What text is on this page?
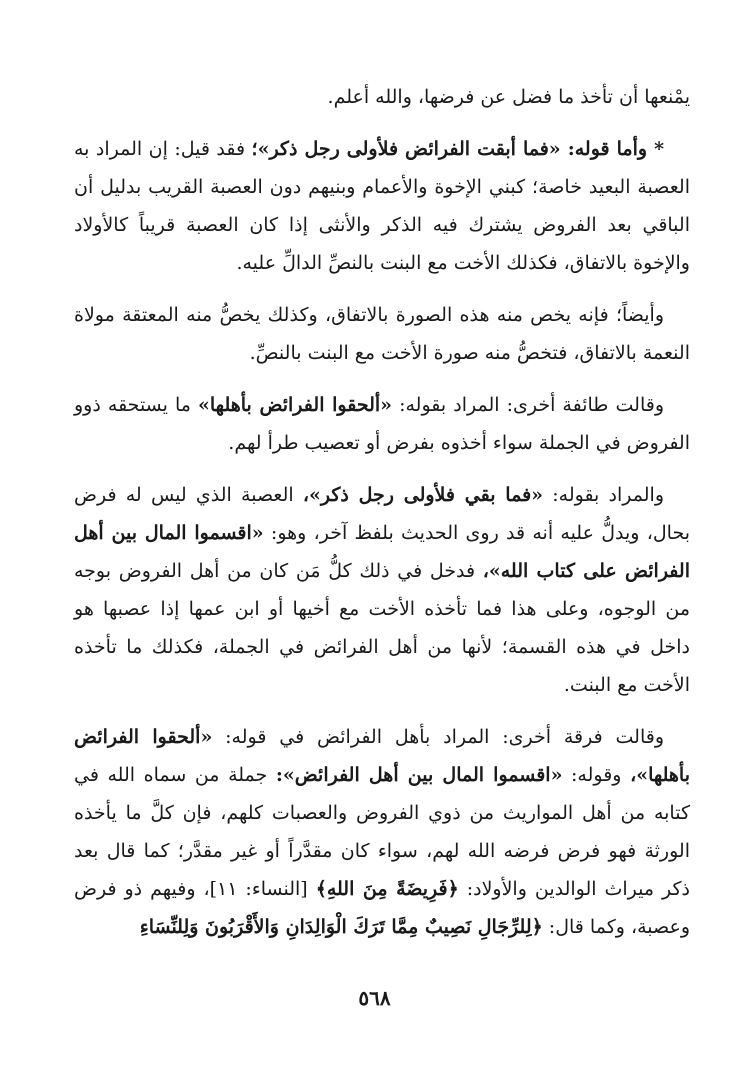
يمْنعها أن تأخذ ما فضل عن فرضها، والله أعلم.

* وأما قوله: «فما أبقت الفرائض فلأولى رجل ذكر»؛ فقد قيل: إن المراد به العصبة البعيد خاصة؛ كبني الإخوة والأعمام وبنيهم دون العصبة القريب بدليل أن الباقي بعد الفروض يشترك فيه الذكر والأنثى إذا كان العصبة قريباً كالأولاد والإخوة بالاتفاق، فكذلك الأخت مع البنت بالنصِّ الدالِّ عليه.

وأيضاً؛ فإنه يخص منه هذه الصورة بالاتفاق، وكذلك يخصُّ منه المعتقة مولاة النعمة بالاتفاق، فتخصُّ منه صورة الأخت مع البنت بالنصِّ.

وقالت طائفة أخرى: المراد بقوله: «ألحقوا الفرائض بأهلها» ما يستحقه ذوو الفروض في الجملة سواء أخذوه بفرض أو تعصيب طرأ لهم.

والمراد بقوله: «فما بقي فلأولى رجل ذكر»، العصبة الذي ليس له فرض بحال، ويدلُّ عليه أنه قد روى الحديث بلفظ آخر، وهو: «اقسموا المال بين أهل الفرائض على كتاب الله»، فدخل في ذلك كلُّ مَن كان من أهل الفروض بوجه من الوجوه، وعلى هذا فما تأخذه الأخت مع أخيها أو ابن عمها إذا عصبها هو داخل في هذه القسمة؛ لأنها من أهل الفرائض في الجملة، فكذلك ما تأخذه الأخت مع البنت.

وقالت فرقة أخرى: المراد بأهل الفرائض في قوله: «ألحقوا الفرائض بأهلها»، وقوله: «اقسموا المال بين أهل الفرائض»: جملة من سماه الله في كتابه من أهل المواريث من ذوي الفروض والعصبات كلهم، فإن كلَّ ما يأخذه الورثة فهو فرض فرضه الله لهم، سواء كان مقدَّراً أو غير مقدَّر؛ كما قال بعد ذكر ميراث الوالدين والأولاد: ﴿فَرِيضَةً مِنَ اللهِ﴾ [النساء: ١١]، وفيهم ذو فرض وعصبة، وكما قال: ﴿لِلرِّجَالِ نَصِيبٌ مِمَّا تَرَكَ الْوَالِدَانِ وَالأَقْرَبُونَ وَلِلنِّسَاءِ

٥٦٨
